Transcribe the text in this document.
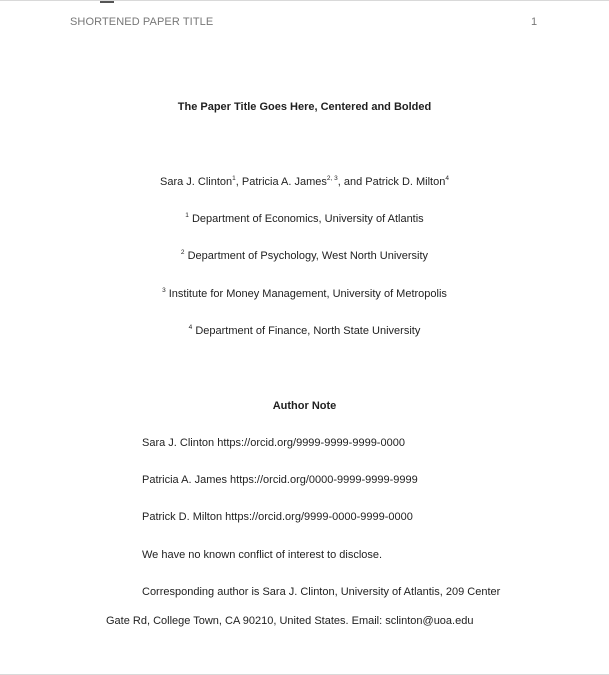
SHORTENED PAPER TITLE	1
The Paper Title Goes Here, Centered and Bolded
Sara J. Clinton$^1$, Patricia A. James$^{2, 3}$, and Patrick D. Milton$^4$
$^1$ Department of Economics, University of Atlantis
$^2$ Department of Psychology, West North University
$^3$ Institute for Money Management, University of Metropolis
$^4$ Department of Finance, North State University
Author Note
Sara J. Clinton https://orcid.org/9999-9999-9999-0000
Patricia A. James https://orcid.org/0000-9999-9999-9999
Patrick D. Milton https://orcid.org/9999-0000-9999-0000
We have no known conflict of interest to disclose.
Corresponding author is Sara J. Clinton, University of Atlantis, 209 Center
Gate Rd, College Town, CA 90210, United States. Email: sclinton@uoa.edu
